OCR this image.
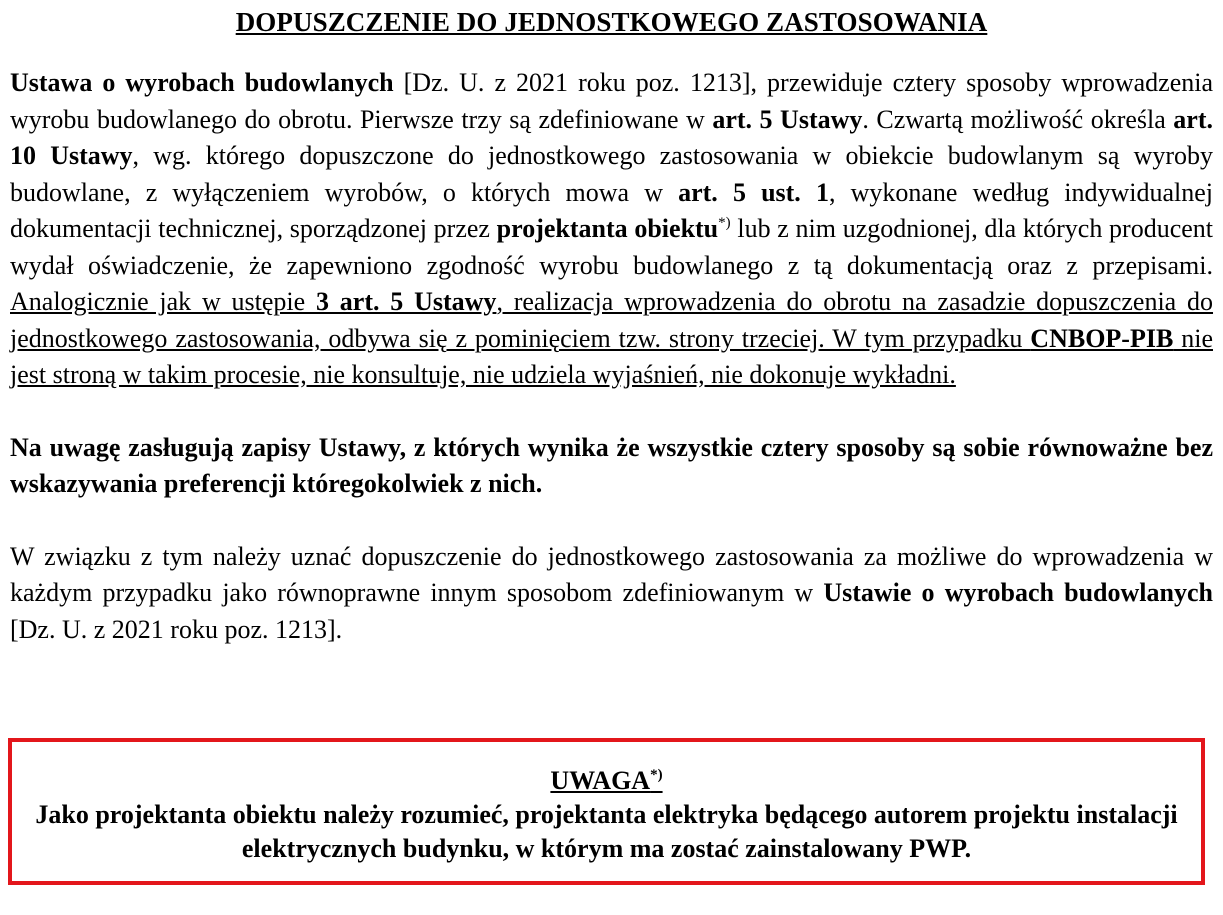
DOPUSZCZENIE DO JEDNOSTKOWEGO ZASTOSOWANIA

Ustawa o wyrobach budowlanych [Dz. U. z 2021 roku poz. 1213], przewiduje cztery sposoby wprowadzenia wyrobu budowlanego do obrotu. Pierwsze trzy są zdefiniowane w art. 5 Ustawy. Czwartą możliwość określa art. 10 Ustawy, wg. którego dopuszczone do jednostkowego zastosowania w obiekcie budowlanym są wyroby budowlane, z wyłączeniem wyrobów, o których mowa w art. 5 ust. 1, wykonane według indywidualnej dokumentacji technicznej, sporządzonej przez projektanta obiektu*) lub z nim uzgodnionej, dla których producent wydał oświadczenie, że zapewniono zgodność wyrobu budowlanego z tą dokumentacją oraz z przepisami. Analogicznie jak w ustępie 3 art. 5 Ustawy, realizacja wprowadzenia do obrotu na zasadzie dopuszczenia do jednostkowego zastosowania, odbywa się z pominięciem tzw. strony trzeciej. W tym przypadku CNBOP-PIB nie jest stroną w takim procesie, nie konsultuje, nie udziela wyjaśnień, nie dokonuje wykładni.

Na uwagę zasługują zapisy Ustawy, z których wynika że wszystkie cztery sposoby są sobie równoważne bez wskazywania preferencji któregokolwiek z nich.

W związku z tym należy uznać dopuszczenie do jednostkowego zastosowania za możliwe do wprowadzenia w każdym przypadku jako równoprawne innym sposobom zdefiniowanym w Ustawie o wyrobach budowlanych [Dz. U. z 2021 roku poz. 1213].

UWAGA*)
Jako projektanta obiektu należy rozumieć, projektanta elektryka będącego autorem projektu instalacji elektrycznych budynku, w którym ma zostać zainstalowany PWP.
